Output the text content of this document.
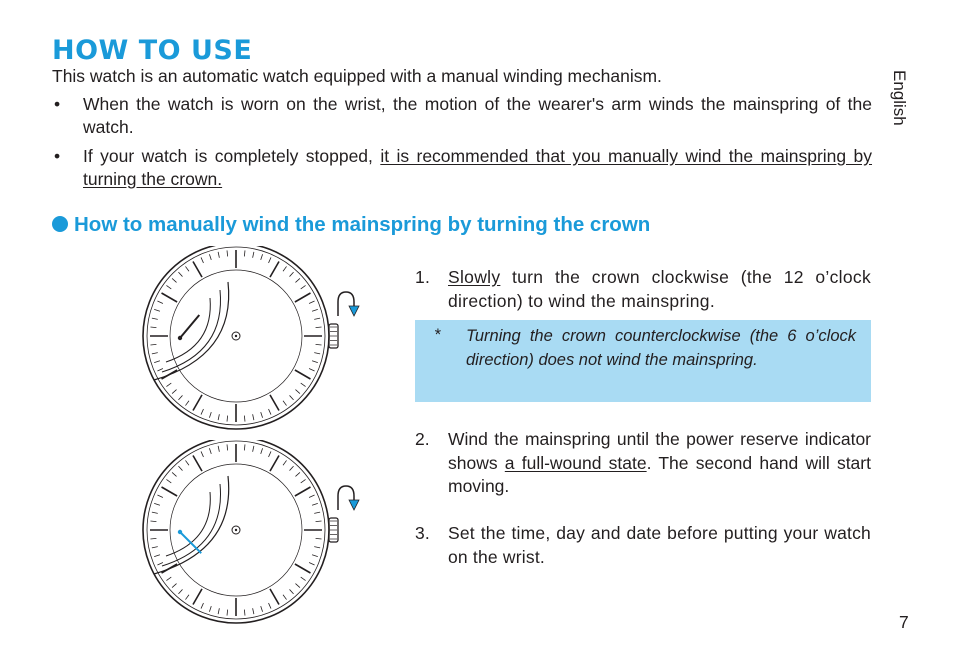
HOW TO USE
English
This watch is an automatic watch equipped with a manual winding mechanism.
• When the watch is worn on the wrist, the motion of the wearer's arm winds the mainspring of the watch.
• If your watch is completely stopped, it is recommended that you manually wind the mainspring by turning the crown.
How to manually wind the mainspring by turning the crown
1. Slowly turn the crown clockwise (the 12 o’clock direction) to wind the mainspring.
* Turning the crown counterclockwise (the 6 o’clock direction) does not wind the mainspring.
2. Wind the mainspring until the power reserve indicator shows a full-wound state. The second hand will start moving.
3. Set the time, day and date before putting your watch on the wrist.
7
